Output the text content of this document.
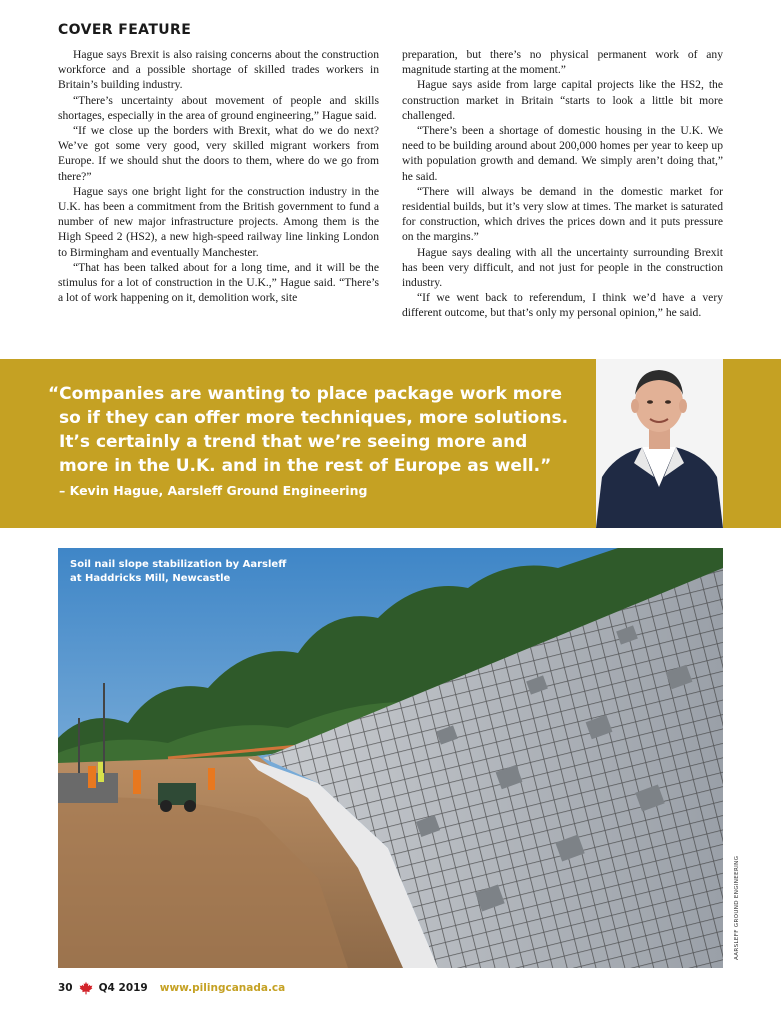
COVER FEATURE

Hague says Brexit is also raising concerns about the construction workforce and a possible shortage of skilled trades workers in Britain’s building industry.

“There’s uncertainty about movement of people and skills shortages, especially in the area of ground engineering,” Hague said.

“If we close up the borders with Brexit, what do we do next? We’ve got some very good, very skilled migrant workers from Europe. If we should shut the doors to them, where do we go from there?”

Hague says one bright light for the construction industry in the U.K. has been a commitment from the British government to fund a number of new major infrastructure projects. Among them is the High Speed 2 (HS2), a new high-speed railway line linking London to Birmingham and eventually Manchester.

“That has been talked about for a long time, and it will be the stimulus for a lot of construction in the U.K.,” Hague said. “There’s a lot of work happening on it, demolition work, site

preparation, but there’s no physical permanent work of any magnitude starting at the moment.”

Hague says aside from large capital projects like the HS2, the construction market in Britain “starts to look a little bit more challenged.

“There’s been a shortage of domestic housing in the U.K. We need to be building around about 200,000 homes per year to keep up with population growth and demand. We simply aren’t doing that,” he said.

“There will always be demand in the domestic market for residential builds, but it’s very slow at times. The market is saturated for construction, which drives the prices down and it puts pressure on the margins.”

Hague says dealing with all the uncertainty surrounding Brexit has been very difficult, and not just for people in the construction industry.

“If we went back to referendum, I think we’d have a very different outcome, but that’s only my personal opinion,” he said.

“Companies are wanting to place package work more so if they can offer more techniques, more solutions. It’s certainly a trend that we’re seeing more and more in the U.K. and in the rest of Europe as well.”
– Kevin Hague, Aarsleff Ground Engineering
Soil nail slope stabilization by Aarsleff
at Haddricks Mill, Newcastle
AARSLEFF GROUND ENGINEERING
30 Q4 2019 www.pilingcanada.ca
